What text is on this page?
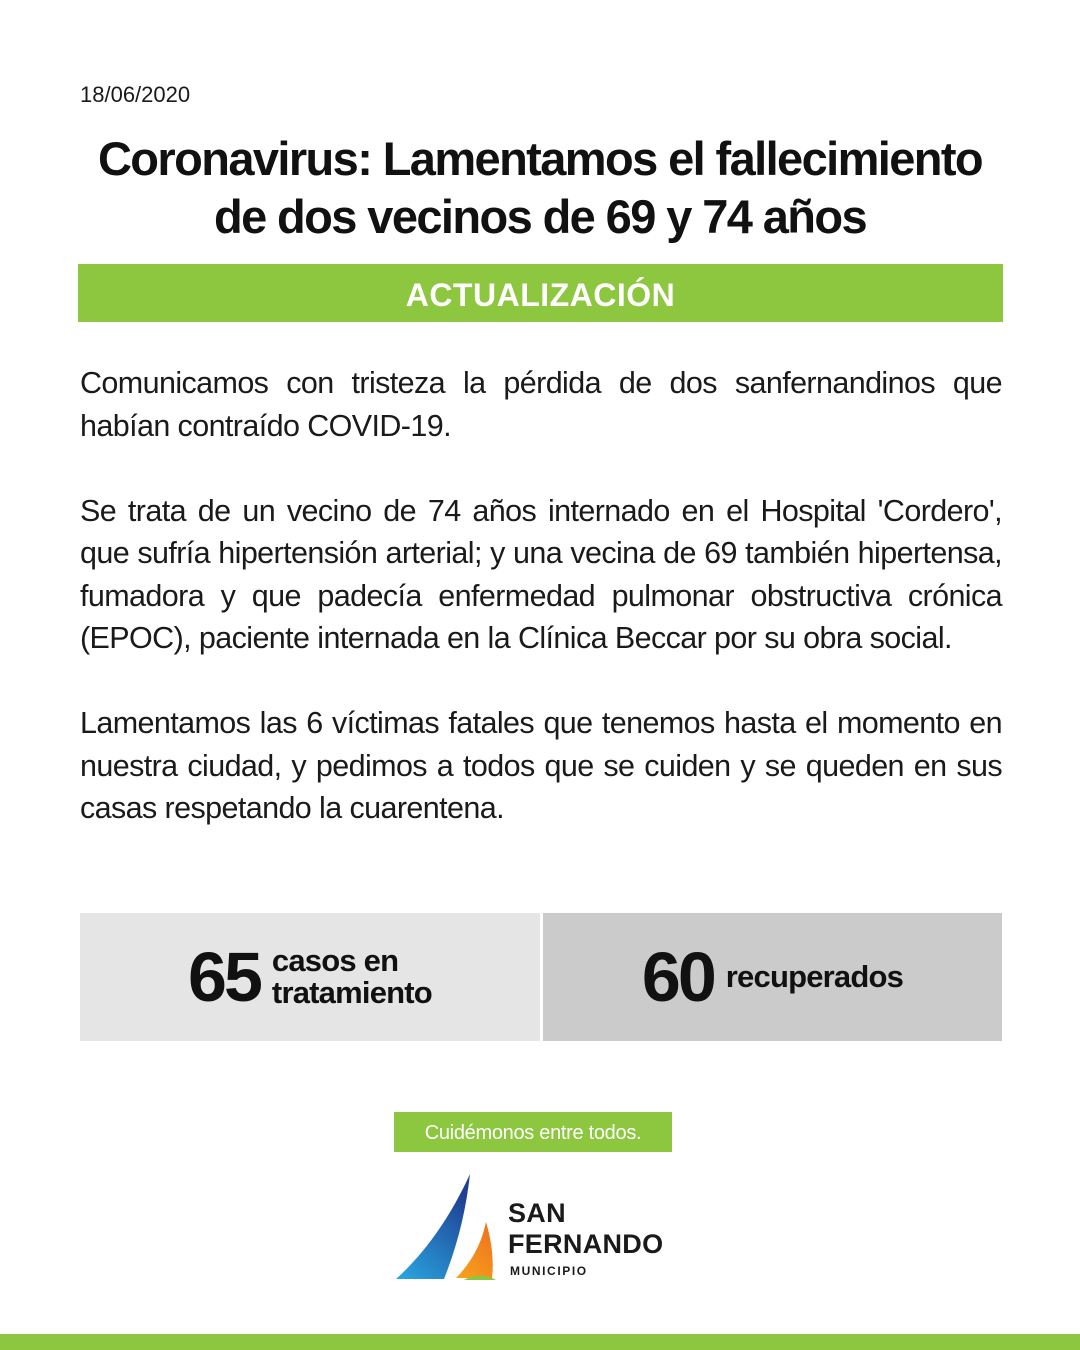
18/06/2020
Coronavirus: Lamentamos el fallecimiento
de dos vecinos de 69 y 74 años
ACTUALIZACIÓN

Comunicamos con tristeza la pérdida de dos sanfernandinos que habían contraído COVID-19.

Se trata de un vecino de 74 años internado en el Hospital 'Cordero', que sufría hipertensión arterial; y una vecina de 69 también hipertensa, fumadora y que padecía enfermedad pulmonar obstructiva crónica (EPOC), paciente internada en la Clínica Beccar por su obra social.

Lamentamos las 6 víctimas fatales que tenemos hasta el momento en nuestra ciudad, y pedimos a todos que se cuiden y se queden en sus casas respetando la cuarentena.

65 casos en
tratamiento	60 recuperados
Cuidémonos entre todos.
SAN
FERNANDO
MUNICIPIO
